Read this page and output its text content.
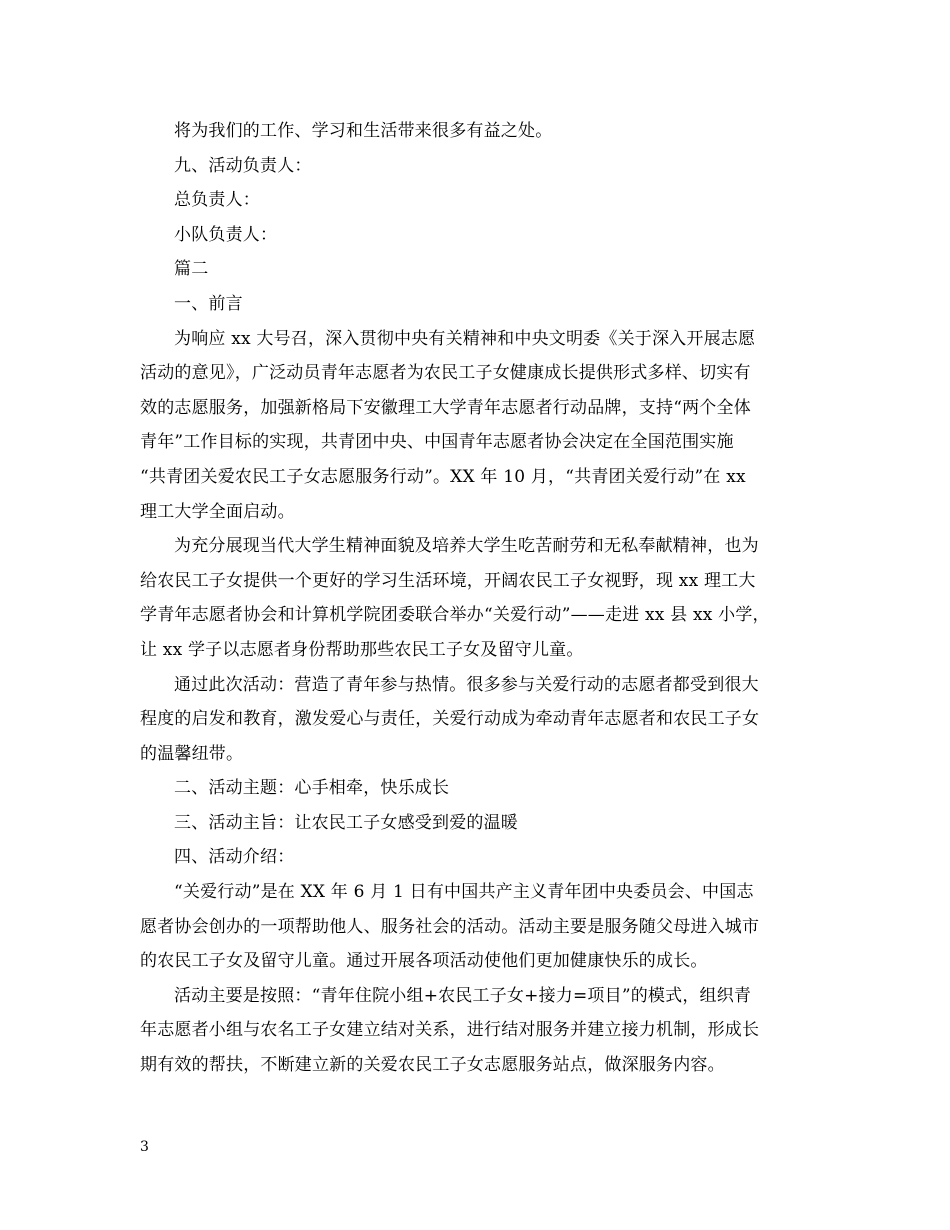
将为我们的工作、学习和生活带来很多有益之处。
九、活动负责人：
总负责人：
小队负责人：
篇二
一、前言
为响应 xx 大号召，深入贯彻中央有关精神和中央文明委《关于深入开展志愿
活动的意见》，广泛动员青年志愿者为农民工子女健康成长提供形式多样、切实有
效的志愿服务，加强新格局下安徽理工大学青年志愿者行动品牌，支持“两个全体
青年”工作目标的实现，共青团中央、中国青年志愿者协会决定在全国范围实施
“共青团关爱农民工子女志愿服务行动”。XX 年 10 月，“共青团关爱行动”在 xx
理工大学全面启动。
为充分展现当代大学生精神面貌及培养大学生吃苦耐劳和无私奉献精神，也为
给农民工子女提供一个更好的学习生活环境，开阔农民工子女视野，现 xx 理工大
学青年志愿者协会和计算机学院团委联合举办“关爱行动”——走进 xx 县 xx 小学，
让 xx 学子以志愿者身份帮助那些农民工子女及留守儿童。
通过此次活动：营造了青年参与热情。很多参与关爱行动的志愿者都受到很大
程度的启发和教育，激发爱心与责任，关爱行动成为牵动青年志愿者和农民工子女
的温馨纽带。
二、活动主题：心手相牵，快乐成长
三、活动主旨：让农民工子女感受到爱的温暖
四、活动介绍：
“关爱行动”是在 XX 年 6 月 1 日有中国共产主义青年团中央委员会、中国志
愿者协会创办的一项帮助他人、服务社会的活动。活动主要是服务随父母进入城市
的农民工子女及留守儿童。通过开展各项活动使他们更加健康快乐的成长。
活动主要是按照：“青年住院小组+农民工子女+接力=项目”的模式，组织青
年志愿者小组与农名工子女建立结对关系，进行结对服务并建立接力机制，形成长
期有效的帮扶，不断建立新的关爱农民工子女志愿服务站点，做深服务内容。
3
